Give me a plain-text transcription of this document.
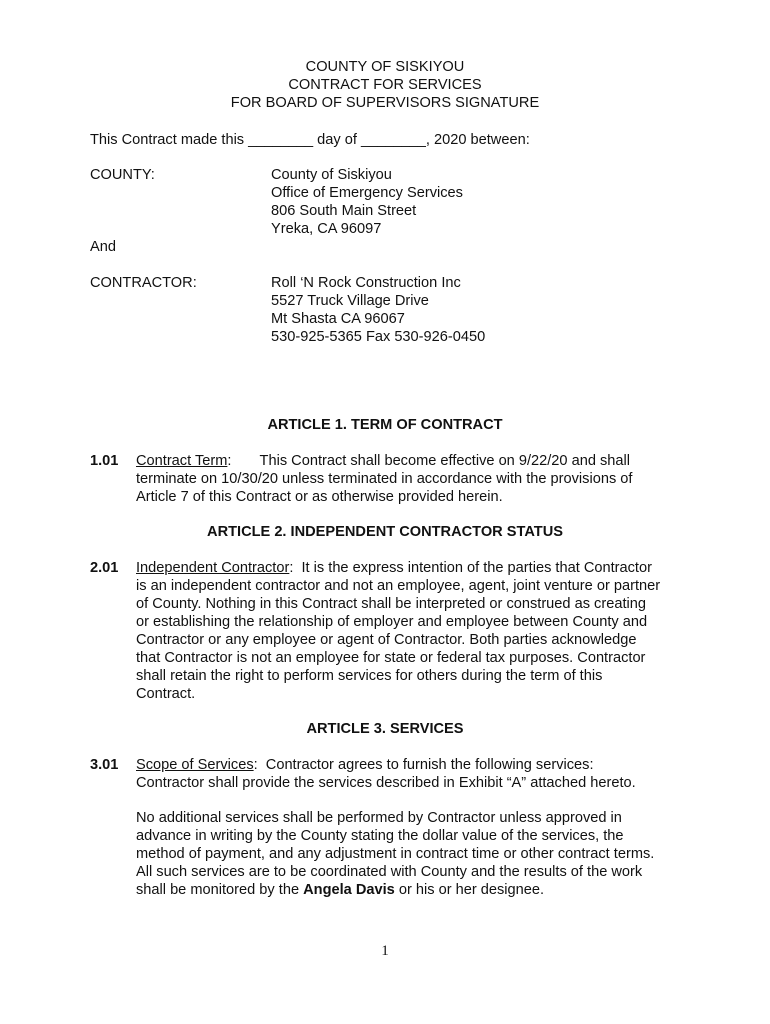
COUNTY OF SISKIYOU
CONTRACT FOR SERVICES
FOR BOARD OF SUPERVISORS SIGNATURE
This Contract made this ________ day of ________, 2020 between:
COUNTY:	County of Siskiyou
Office of Emergency Services
806 South Main Street
Yreka, CA 96097
And
CONTRACTOR:	Roll ‘N Rock Construction Inc
5527 Truck Village Drive
Mt Shasta CA 96067
530-925-5365 Fax 530-926-0450
ARTICLE 1. TERM OF CONTRACT
1.01 Contract Term:       This Contract shall become effective on 9/22/20 and shall
terminate on 10/30/20 unless terminated in accordance with the provisions of
Article 7 of this Contract or as otherwise provided herein.
ARTICLE 2. INDEPENDENT CONTRACTOR STATUS
2.01 Independent Contractor:  It is the express intention of the parties that Contractor
is an independent contractor and not an employee, agent, joint venture or partner
of County. Nothing in this Contract shall be interpreted or construed as creating
or establishing the relationship of employer and employee between County and
Contractor or any employee or agent of Contractor. Both parties acknowledge
that Contractor is not an employee for state or federal tax purposes. Contractor
shall retain the right to perform services for others during the term of this
Contract.
ARTICLE 3. SERVICES
3.01 Scope of Services:  Contractor agrees to furnish the following services:
Contractor shall provide the services described in Exhibit “A” attached hereto.
No additional services shall be performed by Contractor unless approved in
advance in writing by the County stating the dollar value of the services, the
method of payment, and any adjustment in contract time or other contract terms.
All such services are to be coordinated with County and the results of the work
shall be monitored by the Angela Davis or his or her designee.
1
